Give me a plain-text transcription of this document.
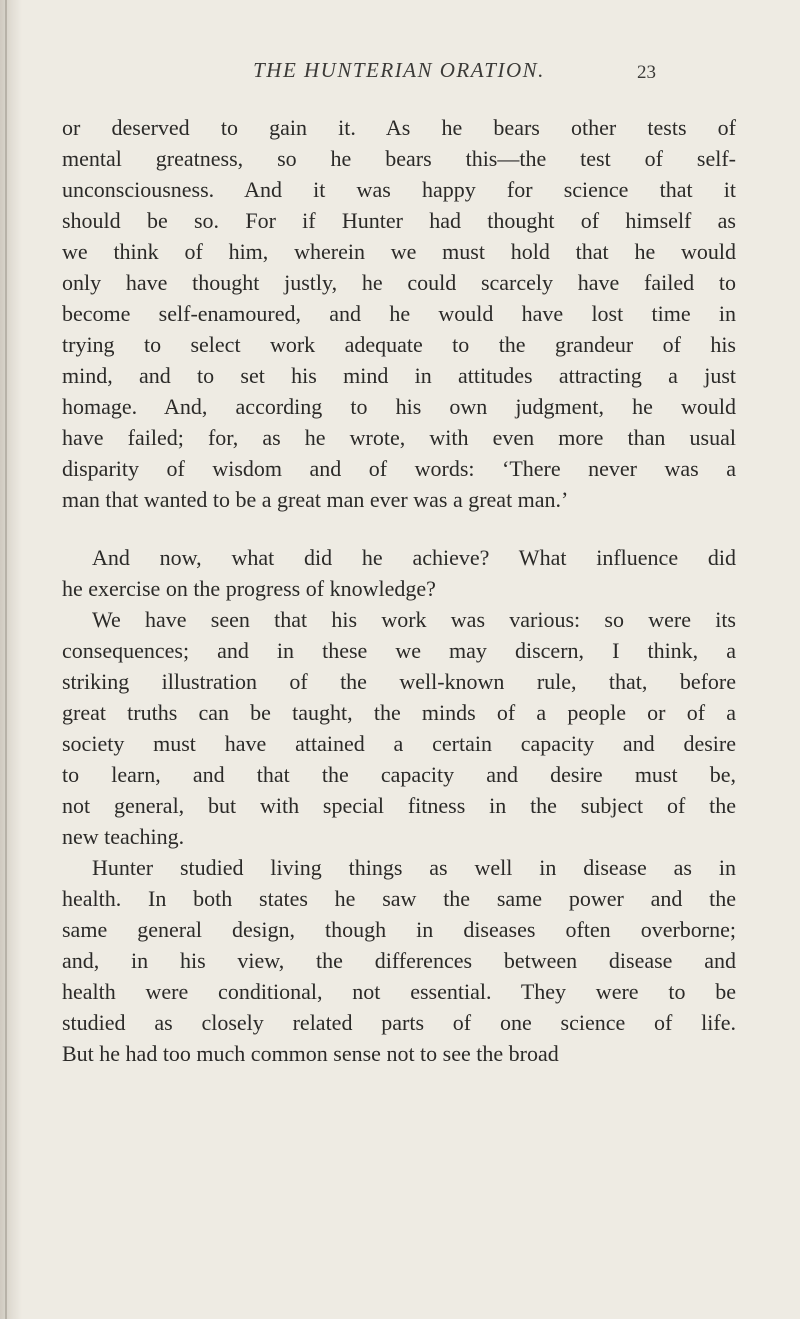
THE HUNTERIAN ORATION.	23
or deserved to gain it. As he bears other tests of
mental greatness, so he bears this—the test of self-
unconsciousness. And it was happy for science that it
should be so. For if Hunter had thought of himself as
we think of him, wherein we must hold that he would
only have thought justly, he could scarcely have failed to
become self-enamoured, and he would have lost time in
trying to select work adequate to the grandeur of his
mind, and to set his mind in attitudes attracting a just
homage. And, according to his own judgment, he would
have failed; for, as he wrote, with even more than usual
disparity of wisdom and of words: ‘There never was a
man that wanted to be a great man ever was a great man.’
And now, what did he achieve? What influence did
he exercise on the progress of knowledge?
We have seen that his work was various: so were its
consequences; and in these we may discern, I think, a
striking illustration of the well-known rule, that, before
great truths can be taught, the minds of a people or of a
society must have attained a certain capacity and desire
to learn, and that the capacity and desire must be,
not general, but with special fitness in the subject of the
new teaching.
Hunter studied living things as well in disease as in
health. In both states he saw the same power and the
same general design, though in diseases often overborne;
and, in his view, the differences between disease and
health were conditional, not essential. They were to be
studied as closely related parts of one science of life.
But he had too much common sense not to see the broad
